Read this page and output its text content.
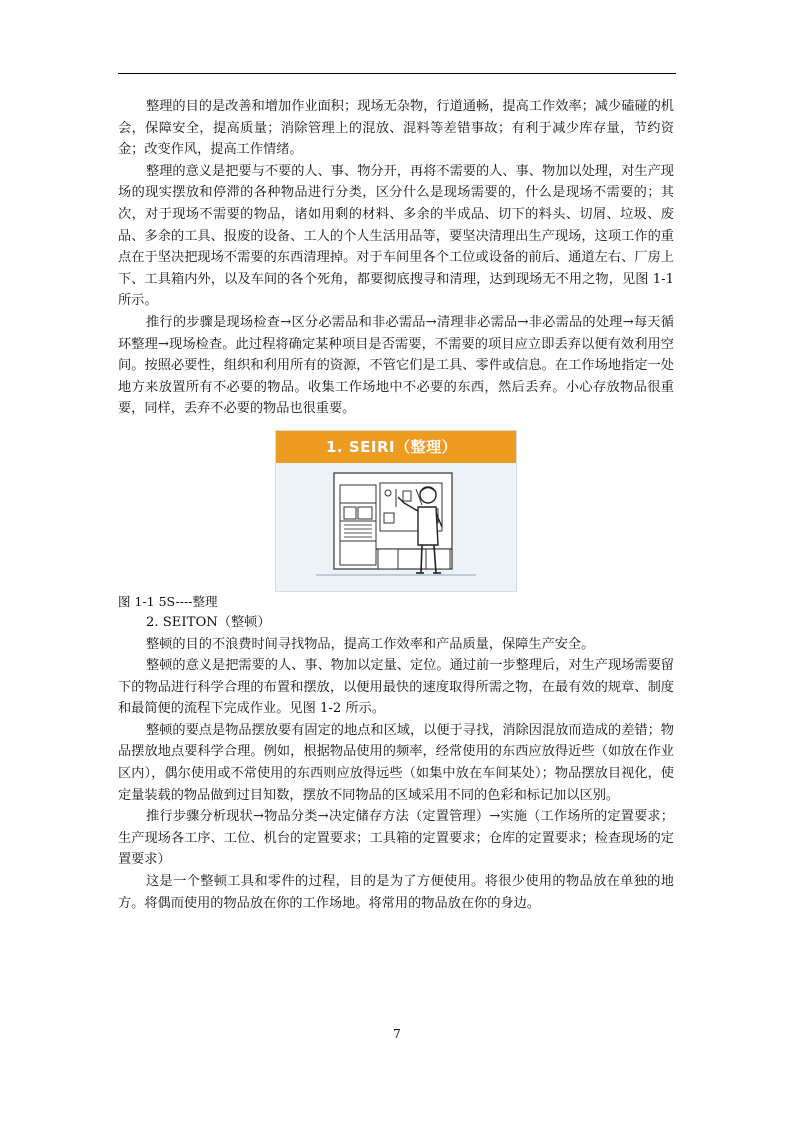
整理的目的是改善和增加作业面积；现场无杂物，行道通畅，提高工作效率；减少磕碰的机会，保障安全，提高质量；消除管理上的混放、混料等差错事故；有利于减少库存量，节约资金；改变作风，提高工作情绪。

整理的意义是把要与不要的人、事、物分开，再将不需要的人、事、物加以处理，对生产现场的现实摆放和停滞的各种物品进行分类，区分什么是现场需要的，什么是现场不需要的；其次，对于现场不需要的物品，诸如用剩的材料、多余的半成品、切下的料头、切屑、垃圾、废品、多余的工具、报废的设备、工人的个人生活用品等，要坚决清理出生产现场，这项工作的重点在于坚决把现场不需要的东西清理掉。对于车间里各个工位或设备的前后、通道左右、厂房上下、工具箱内外，以及车间的各个死角，都要彻底搜寻和清理，达到现场无不用之物，见图 1-1 所示。

推行的步骤是现场检查→区分必需品和非必需品→清理非必需品→非必需品的处理→每天循环整理→现场检查。此过程将确定某种项目是否需要，不需要的项目应立即丢弃以便有效利用空间。按照必要性，组织和利用所有的资源，不管它们是工具、零件或信息。在工作场地指定一处地方来放置所有不必要的物品。收集工作场地中不必要的东西，然后丢弃。小心存放物品很重要，同样，丢弃不必要的物品也很重要。

1. SEIRI（整理）

图 1-1 5S----整理

2. SEITON（整顿）

整顿的目的不浪费时间寻找物品，提高工作效率和产品质量，保障生产安全。

整顿的意义是把需要的人、事、物加以定量、定位。通过前一步整理后，对生产现场需要留下的物品进行科学合理的布置和摆放，以便用最快的速度取得所需之物，在最有效的规章、制度和最简便的流程下完成作业。见图 1-2 所示。

整顿的要点是物品摆放要有固定的地点和区域，以便于寻找，消除因混放而造成的差错；物品摆放地点要科学合理。例如，根据物品使用的频率，经常使用的东西应放得近些（如放在作业区内），偶尔使用或不常使用的东西则应放得远些（如集中放在车间某处）；物品摆放目视化，使定量装载的物品做到过目知数，摆放不同物品的区域采用不同的色彩和标记加以区别。

推行步骤分析现状→物品分类→决定储存方法（定置管理）→实施（工作场所的定置要求；生产现场各工序、工位、机台的定置要求；工具箱的定置要求；仓库的定置要求；检查现场的定置要求）

这是一个整顿工具和零件的过程，目的是为了方便使用。将很少使用的物品放在单独的地方。将偶而使用的物品放在你的工作场地。将常用的物品放在你的身边。

7
